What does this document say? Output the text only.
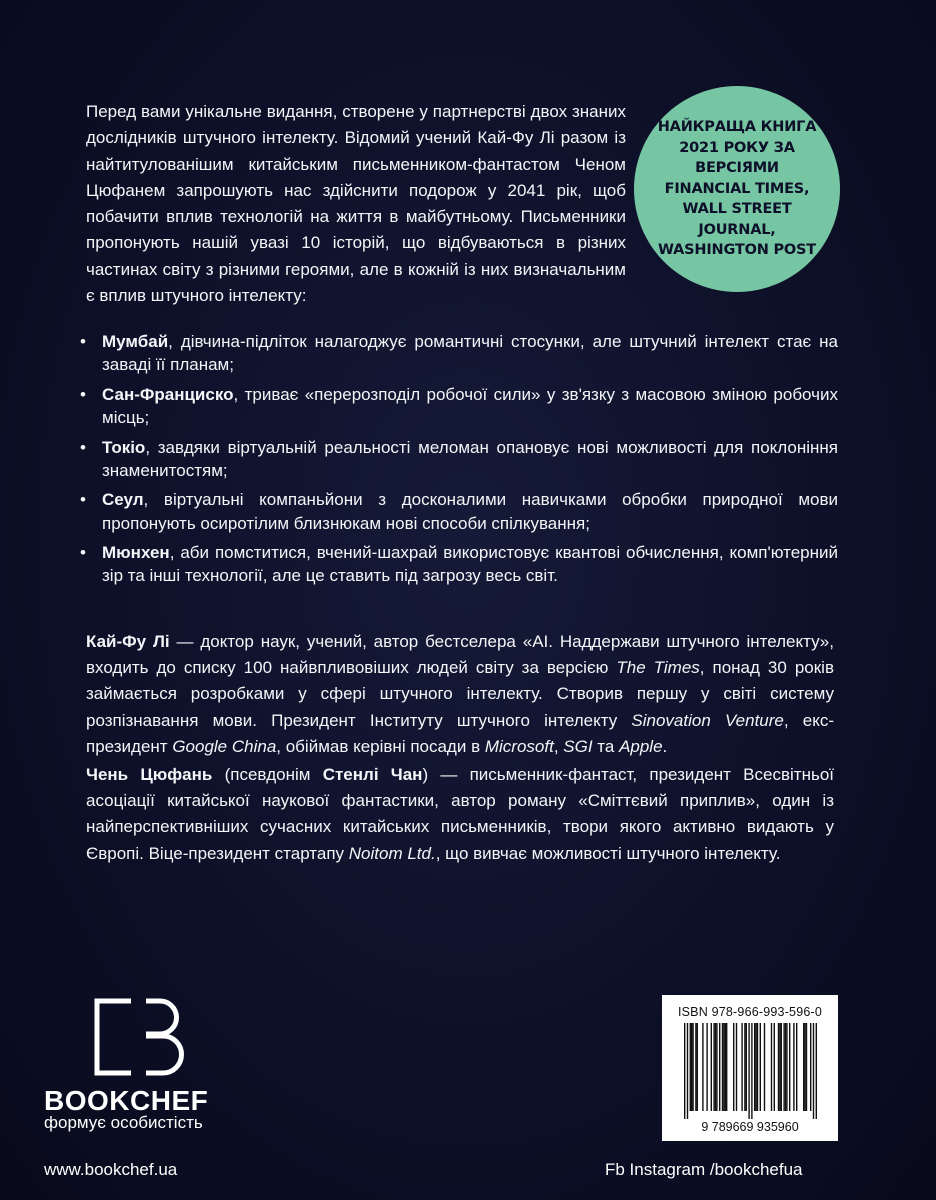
Перед вами унікальне видання, створене у партнерстві двох знаних дослідників штучного інтелекту. Відомий учений Кай-Фу Лі разом із найтитулованішим китайським письменником-фантастом Ченом Цюфанем запрошують нас здійснити подорож у 2041 рік, щоб побачити вплив технологій на життя в майбутньому. Письменники пропонують нашій увазі 10 історій, що відбуваються в різних частинах світу з різними героями, але в кожній із них визначальним є вплив штучного інтелекту:
НАЙКРАЩА КНИГА 2021 РОКУ ЗА ВЕРСІЯМИ FINANCIAL TIMES, WALL STREET JOURNAL, WASHINGTON POST
• Мумбай, дівчина-підліток налагоджує романтичні стосунки, але штучний інтелект стає на заваді її планам;
• Сан-Франциско, триває «перерозподіл робочої сили» у зв'язку з масовою зміною робочих місць;
• Токіо, завдяки віртуальній реальності меломан опановує нові можливості для поклоніння знаменитостям;
• Сеул, віртуальні компаньйони з досконалими навичками обробки природної мови пропонують осиротілим близнюкам нові способи спілкування;
• Мюнхен, аби помститися, вчений-шахрай використовує квантові обчислення, комп'ютерний зір та інші технології, але це ставить під загрозу весь світ.

Кай-Фу Лі — доктор наук, учений, автор бестселера «AI. Наддержави штучного інтелекту», входить до списку 100 найвпливовіших людей світу за версією The Times, понад 30 років займається розробками у сфері штучного інтелекту. Створив першу у світі систему розпізнавання мови. Президент Інституту штучного інтелекту Sinovation Venture, екс-президент Google China, обіймав керівні посади в Microsoft, SGI та Apple.

Чень Цюфань (псевдонім Стенлі Чан) — письменник-фантаст, президент Всесвітньої асоціації китайської наукової фантастики, автор роману «Сміттєвий приплив», один із найперспективніших сучасних китайських письменників, твори якого активно видають у Європі. Віце-президент стартапу Noitom Ltd., що вивчає можливості штучного інтелекту.

BOOKCHEF
формує особистість
www.bookchef.ua	Fb Instagram /bookchefua
ISBN 978-966-993-596-0
9 789669 935960
